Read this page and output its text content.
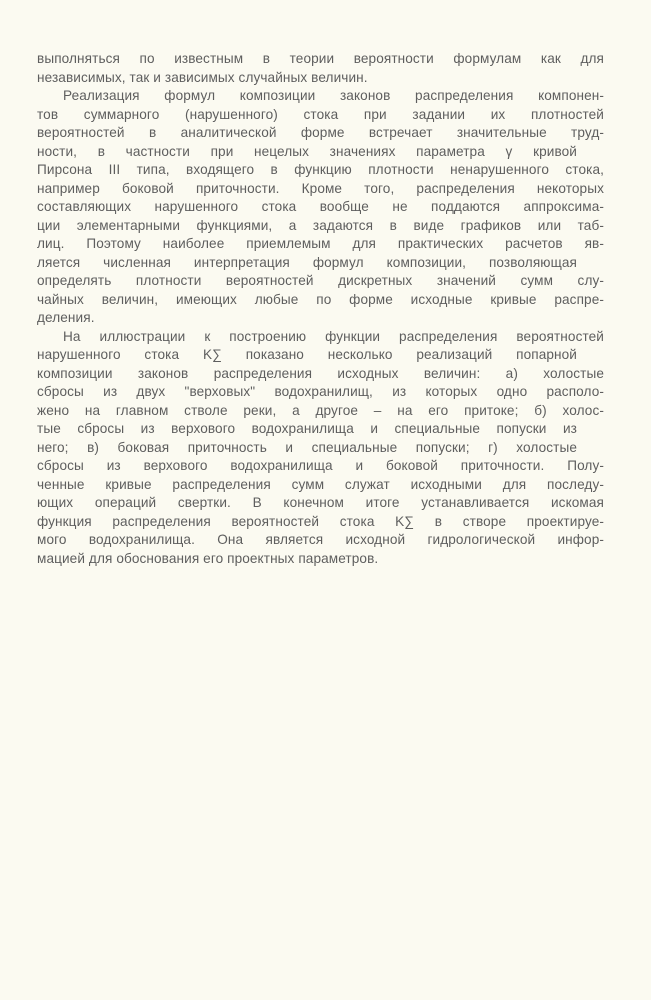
выполняться по известным в теории вероятности формулам как для
независимых, так и зависимых случайных величин.
Реализация формул композиции законов распределения компонен-
тов суммарного (нарушенного) стока при задании их плотностей
вероятностей в аналитической форме встречает значительные труд-
ности, в частности при нецелых значениях параметра γ кривой
Пирсона III типа, входящего в функцию плотности ненарушенного стока,
например боковой приточности. Кроме того, распределения некоторых
составляющих нарушенного стока вообще не поддаются аппроксима-
ции элементарными функциями, а задаются в виде графиков или таб-
лиц. Поэтому наиболее приемлемым для практических расчетов яв-
ляется численная интерпретация формул композиции, позволяющая
определять плотности вероятностей дискретных значений сумм слу-
чайных величин, имеющих любые по форме исходные кривые распре-
деления.
На иллюстрации к построению функции распределения вероятностей
нарушенного стока K∑ показано несколько реализаций попарной
композиции законов распределения исходных величин: а) холостые
сбросы из двух "верховых" водохранилищ, из которых одно располо-
жено на главном стволе реки, а другое – на его притоке; б) холос-
тые сбросы из верхового водохранилища и специальные попуски из
него; в) боковая приточность и специальные попуски; г) холостые
сбросы из верхового водохранилища и боковой приточности. Полу-
ченные кривые распределения сумм служат исходными для последу-
ющих операций свертки. В конечном итоге устанавливается искомая
функция распределения вероятностей стока K∑ в створе проектируе-
мого водохранилища. Она является исходной гидрологической инфор-
мацией для обоснования его проектных параметров.
